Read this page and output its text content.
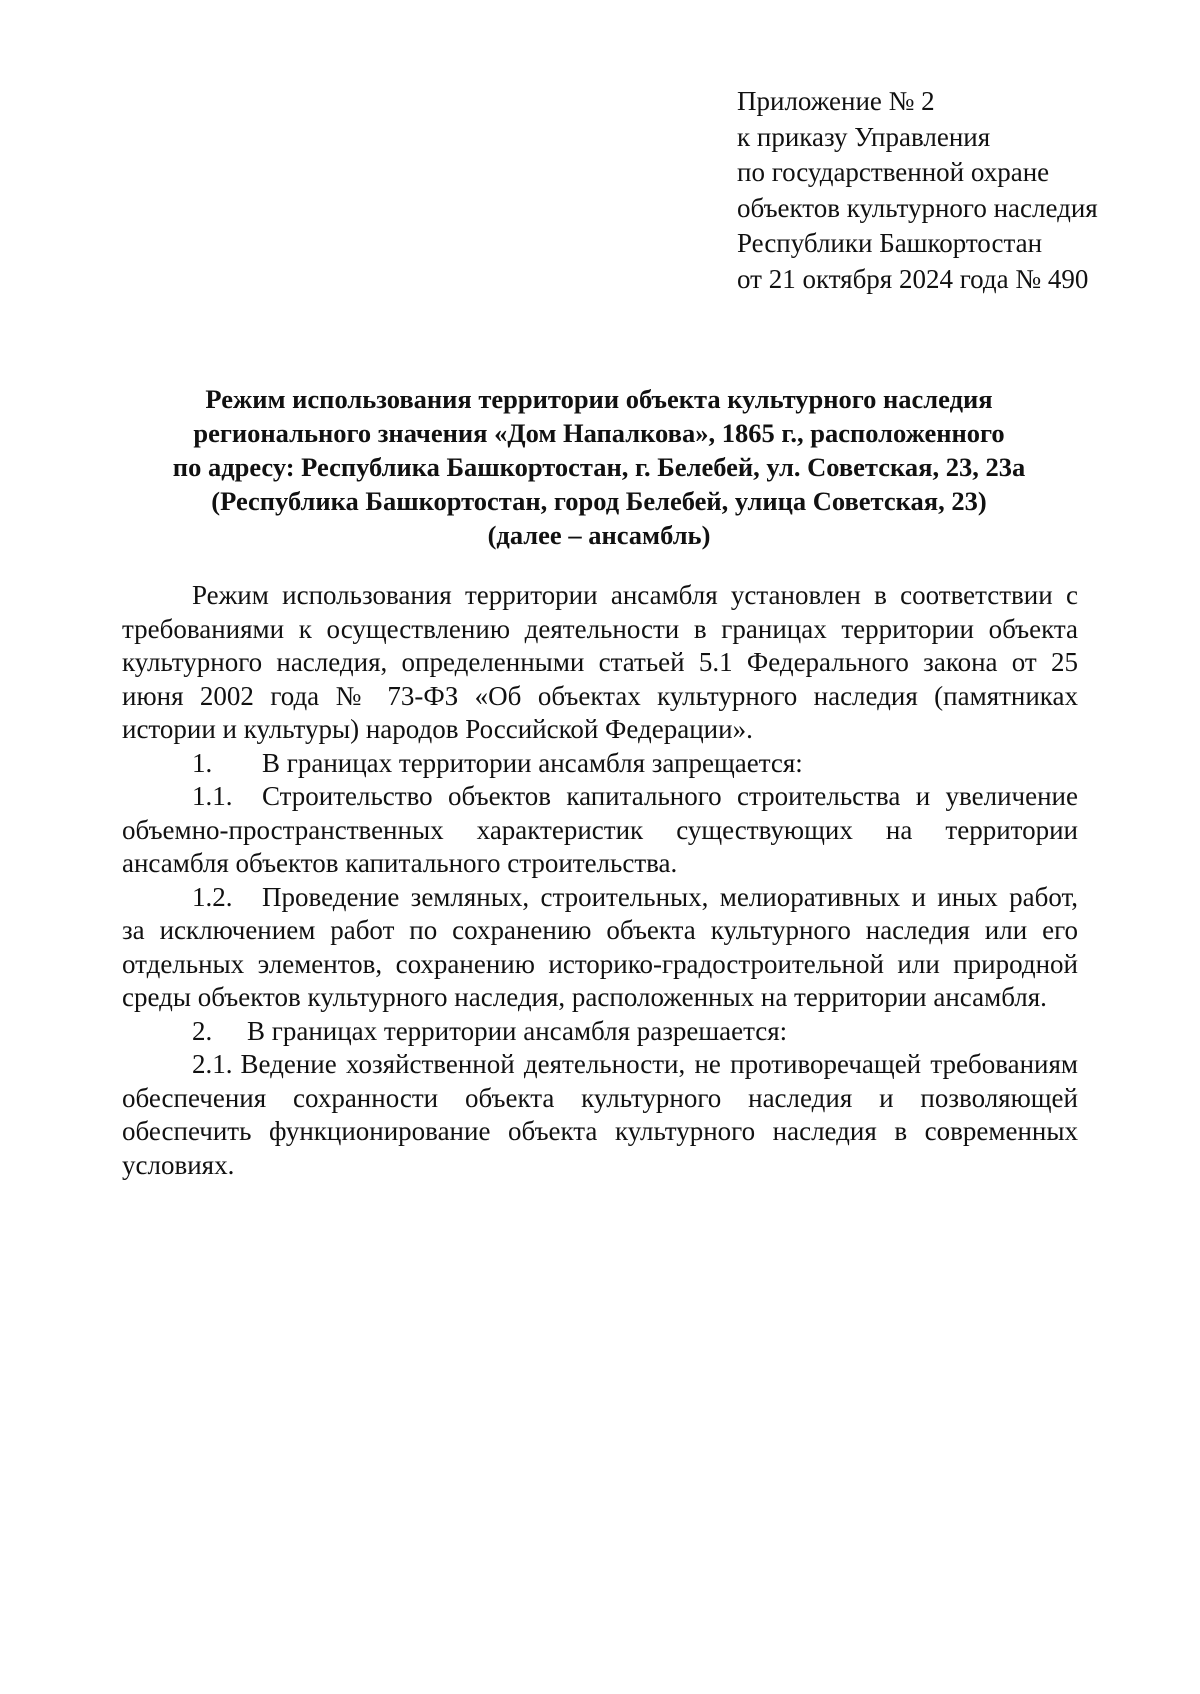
Приложение № 2
к приказу Управления
по государственной охране
объектов культурного наследия
Республики Башкортостан
от 21 октября 2024 года № 490
Режим использования территории объекта культурного наследия
регионального значения «Дом Напалкова», 1865 г., расположенного
по адресу: Республика Башкортостан, г. Белебей, ул. Советская, 23, 23а
(Республика Башкортостан, город Белебей, улица Советская, 23)
(далее – ансамбль)

Режим использования территории ансамбля установлен в соответствии с требованиями к осуществлению деятельности в границах территории объекта культурного наследия, определенными статьей 5.1 Федерального закона от 25 июня 2002 года № 73-ФЗ «Об объектах культурного наследия (памятниках истории и культуры) народов Российской Федерации».

1. В границах территории ансамбля запрещается:

1.1. Строительство объектов капитального строительства и увеличение объемно-пространственных характеристик существующих на территории ансамбля объектов капитального строительства.

1.2. Проведение земляных, строительных, мелиоративных и иных работ, за исключением работ по сохранению объекта культурного наследия или его отдельных элементов, сохранению историко-градостроительной или природной среды объектов культурного наследия, расположенных на территории ансамбля.

2. В границах территории ансамбля разрешается:

2.1. Ведение хозяйственной деятельности, не противоречащей требованиям обеспечения сохранности объекта культурного наследия и позволяющей обеспечить функционирование объекта культурного наследия в современных условиях.
